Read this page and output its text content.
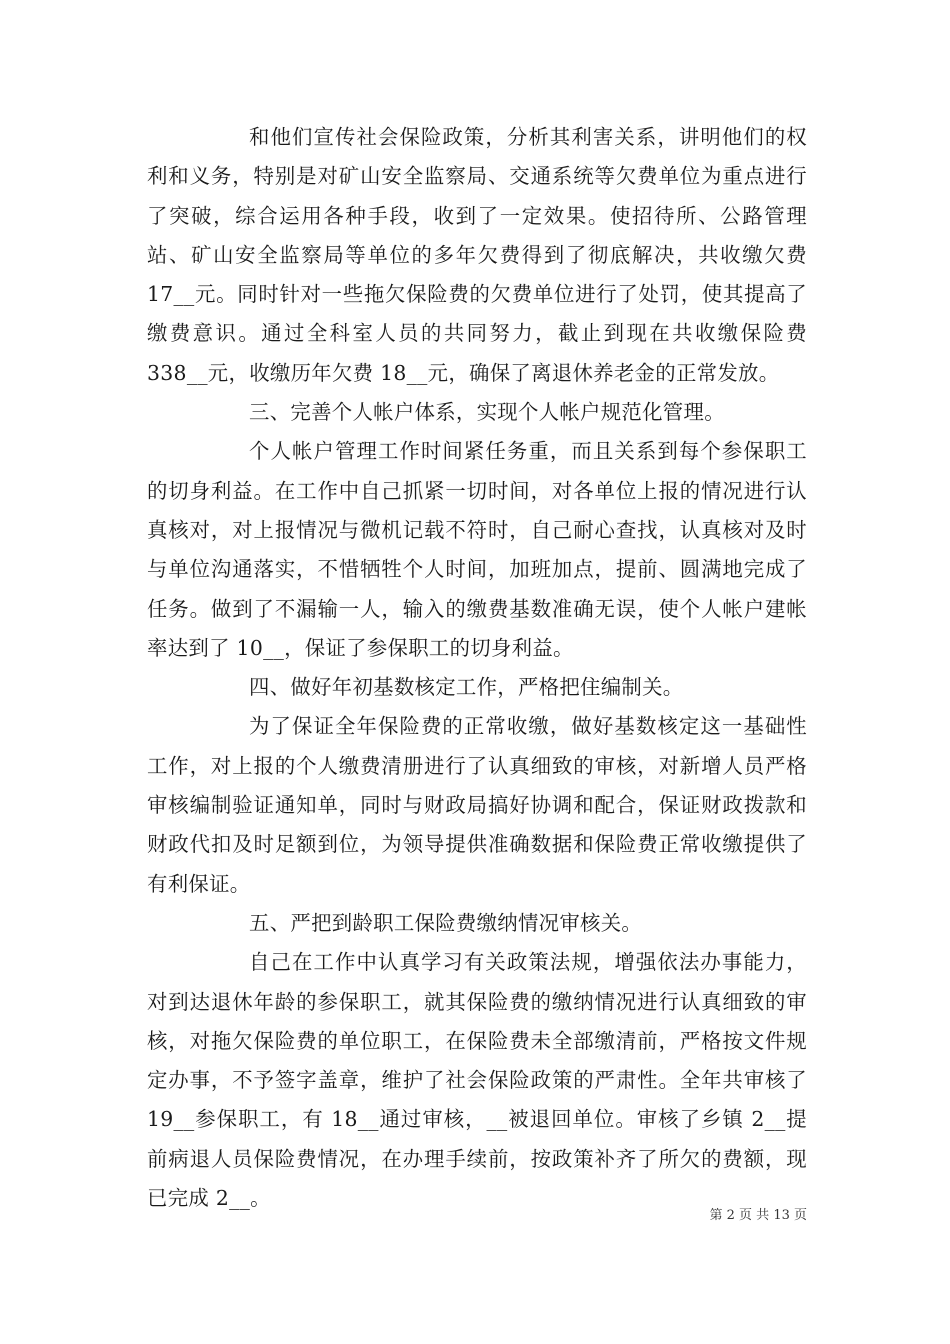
和他们宣传社会保险政策，分析其利害关系，讲明他们的权利和义务，特别是对矿山安全监察局、交通系统等欠费单位为重点进行了突破，综合运用各种手段，收到了一定效果。使招待所、公路管理站、矿山安全监察局等单位的多年欠费得到了彻底解决，共收缴欠费 17__元。同时针对一些拖欠保险费的欠费单位进行了处罚，使其提高了缴费意识。通过全科室人员的共同努力，截止到现在共收缴保险费 338__元，收缴历年欠费 18__元，确保了离退休养老金的正常发放。

三、完善个人帐户体系，实现个人帐户规范化管理。

个人帐户管理工作时间紧任务重，而且关系到每个参保职工的切身利益。在工作中自己抓紧一切时间，对各单位上报的情况进行认真核对，对上报情况与微机记载不符时，自己耐心查找，认真核对及时与单位沟通落实，不惜牺牲个人时间，加班加点，提前、圆满地完成了任务。做到了不漏输一人，输入的缴费基数准确无误，使个人帐户建帐率达到了 10__，保证了参保职工的切身利益。

四、做好年初基数核定工作，严格把住编制关。

为了保证全年保险费的正常收缴，做好基数核定这一基础性工作，对上报的个人缴费清册进行了认真细致的审核，对新增人员严格审核编制验证通知单，同时与财政局搞好协调和配合，保证财政拨款和财政代扣及时足额到位，为领导提供准确数据和保险费正常收缴提供了有利保证。

五、严把到龄职工保险费缴纳情况审核关。

自己在工作中认真学习有关政策法规，增强依法办事能力，对到达退休年龄的参保职工，就其保险费的缴纳情况进行认真细致的审核，对拖欠保险费的单位职工，在保险费未全部缴清前，严格按文件规定办事，不予签字盖章，维护了社会保险政策的严肃性。全年共审核了 19__参保职工，有 18__通过审核，__被退回单位。审核了乡镇 2__提前病退人员保险费情况，在办理手续前，按政策补齐了所欠的费额，现已完成 2__。

第 2 页 共 13 页
